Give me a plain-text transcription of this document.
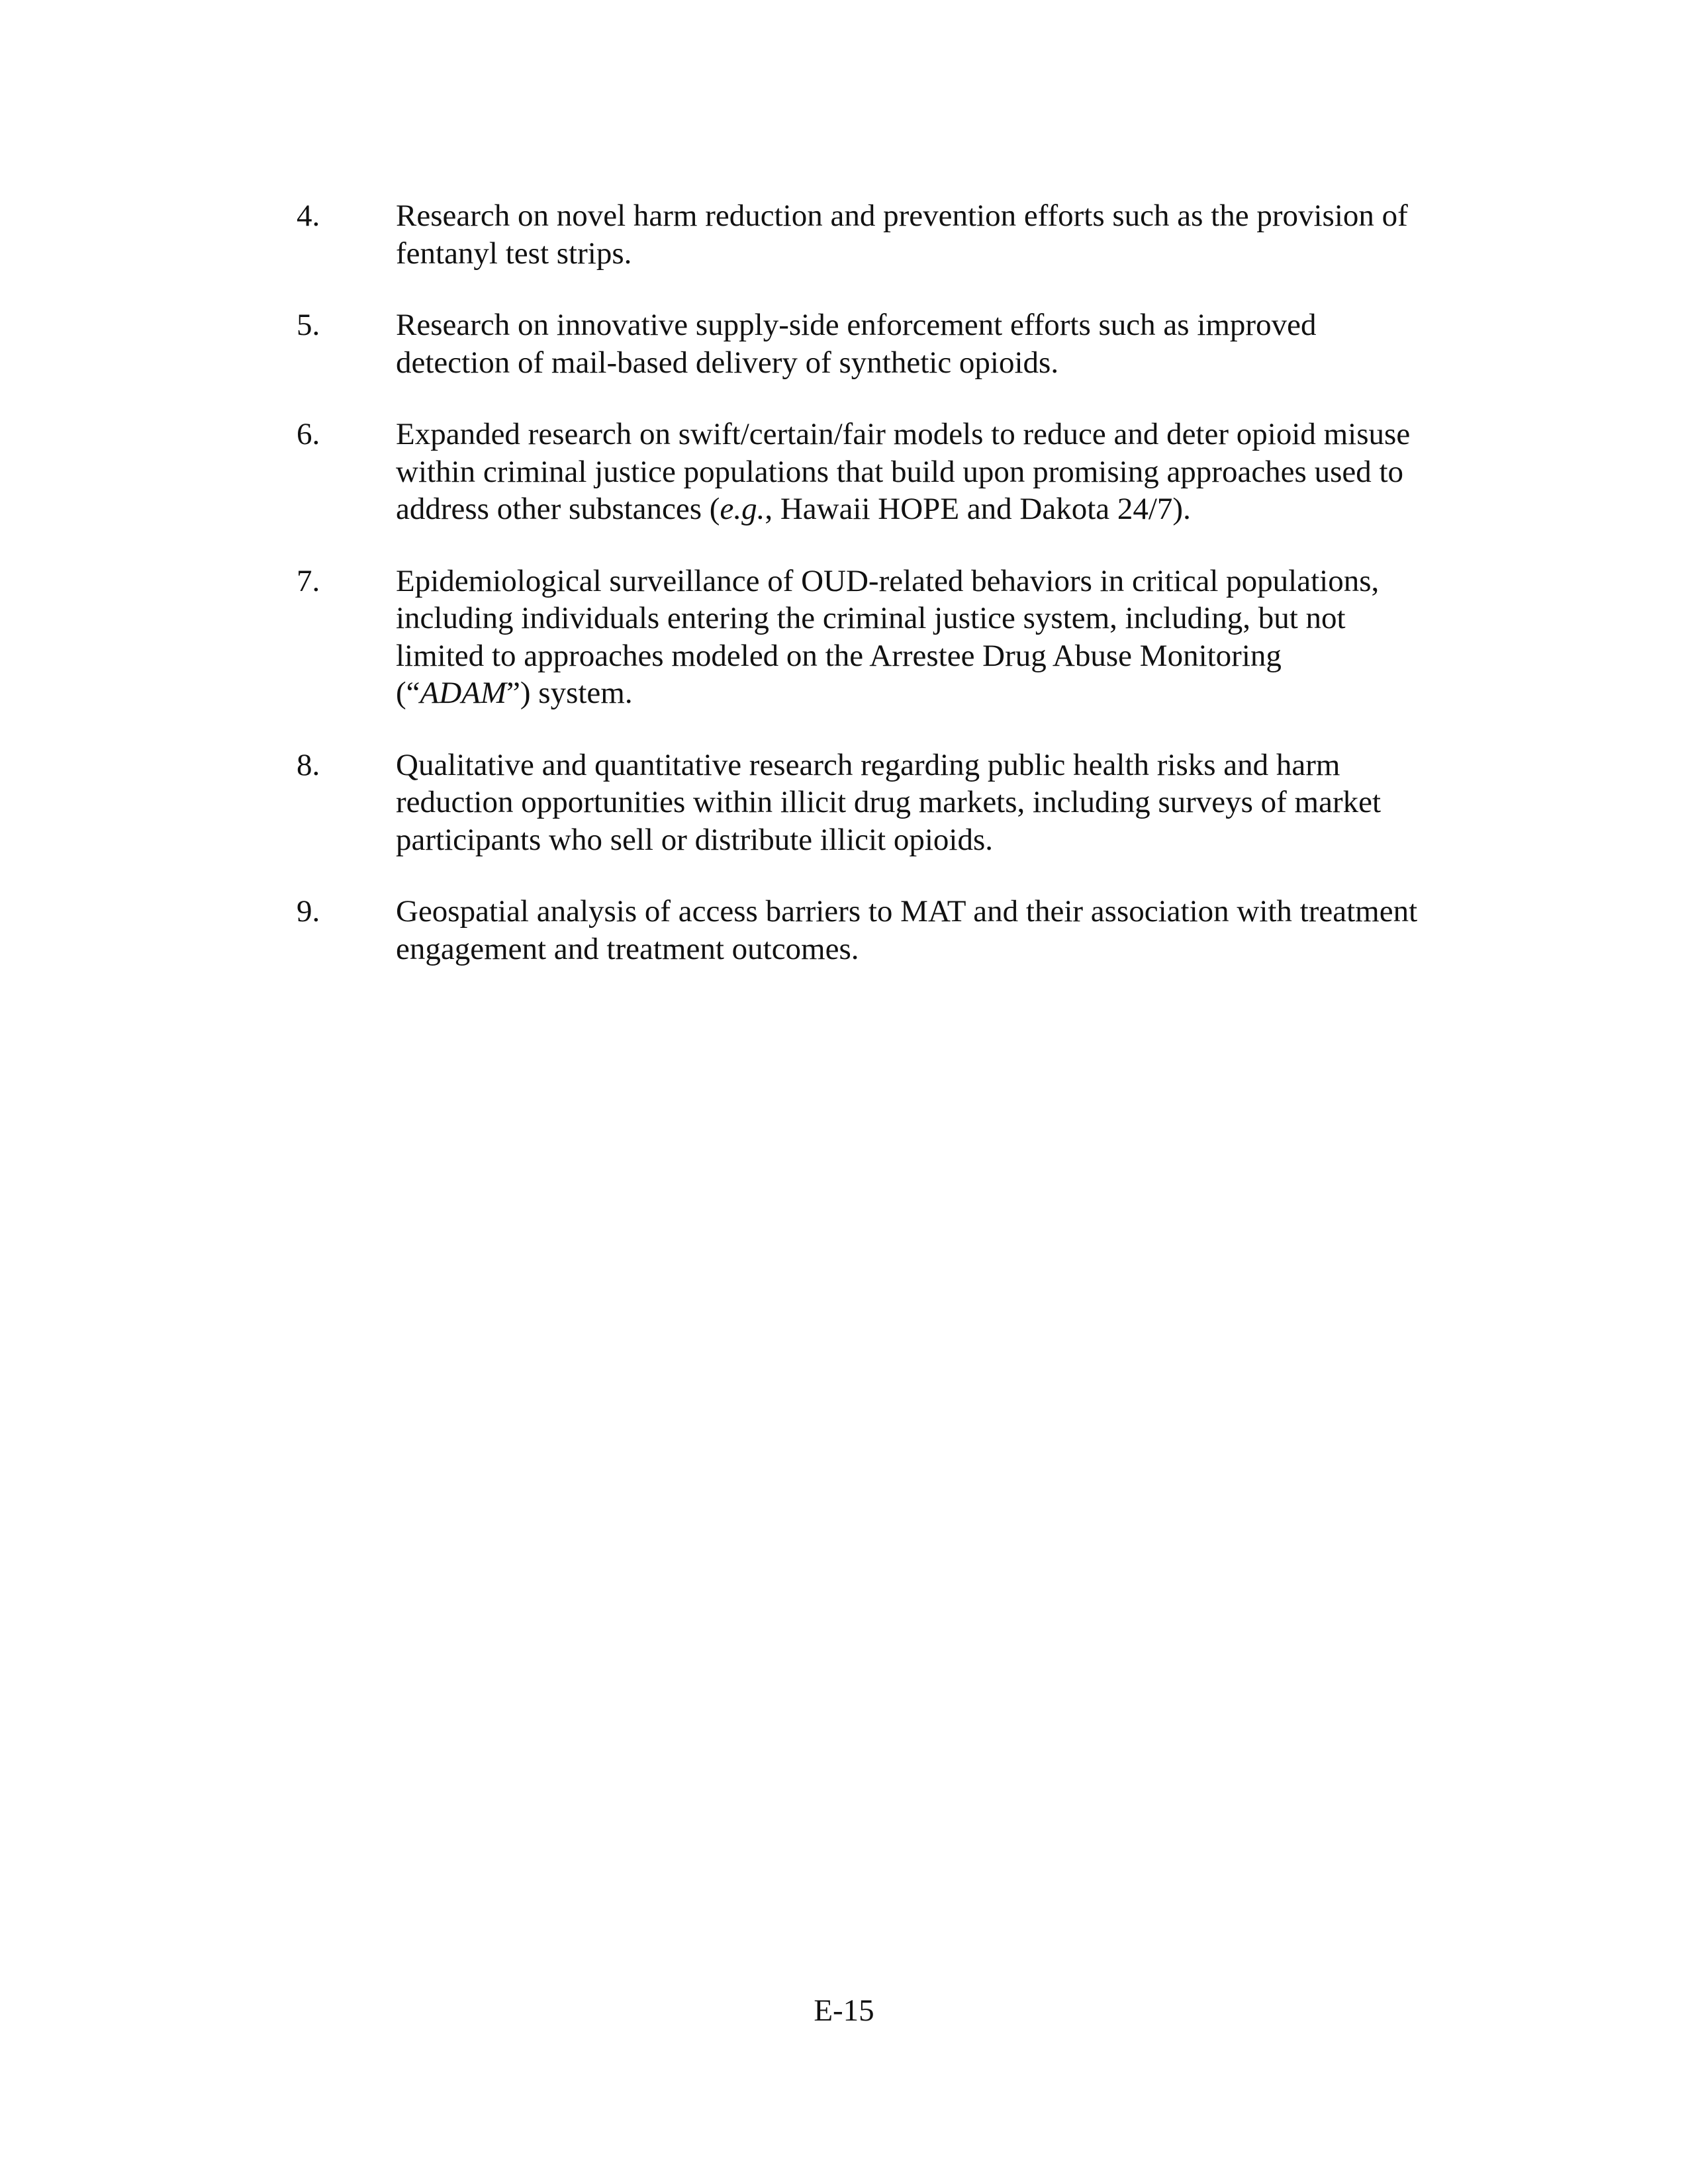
4.	Research on novel harm reduction and prevention efforts such as the provision of
fentanyl test strips.
5.	Research on innovative supply-side enforcement efforts such as improved
detection of mail-based delivery of synthetic opioids.
6.	Expanded research on swift/certain/fair models to reduce and deter opioid misuse
within criminal justice populations that build upon promising approaches used to
address other substances (e.g., Hawaii HOPE and Dakota 24/7).
7.	Epidemiological surveillance of OUD-related behaviors in critical populations,
including individuals entering the criminal justice system, including, but not
limited to approaches modeled on the Arrestee Drug Abuse Monitoring
(“ADAM”) system.
8.	Qualitative and quantitative research regarding public health risks and harm
reduction opportunities within illicit drug markets, including surveys of market
participants who sell or distribute illicit opioids.
9.	Geospatial analysis of access barriers to MAT and their association with treatment
engagement and treatment outcomes.
E-15
